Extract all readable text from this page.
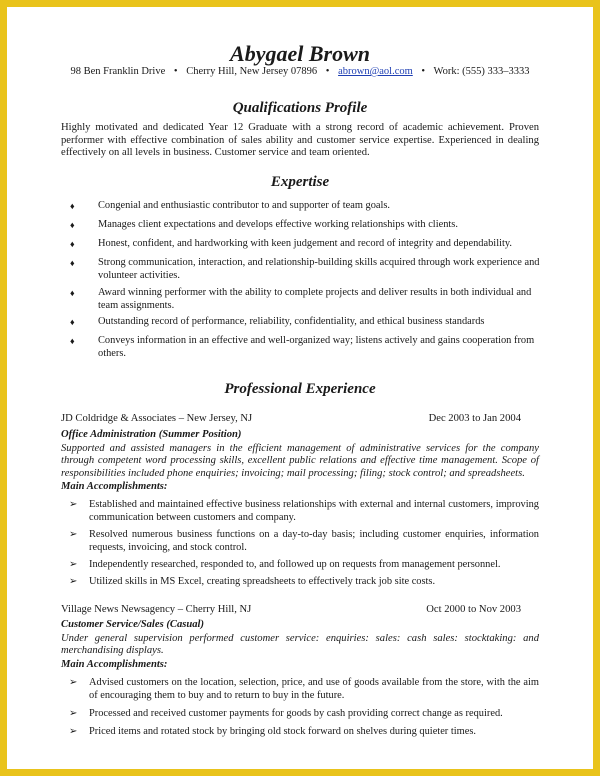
Abygael Brown
98 Ben Franklin Drive • Cherry Hill, New Jersey 07896 • abrown@aol.com • Work: (555) 333–3333
Qualifications Profile
Highly motivated and dedicated Year 12 Graduate with a strong record of academic achievement. Proven performer with effective combination of sales ability and customer service expertise. Experienced in dealing effectively on all levels in business. Customer service and team oriented.
Expertise
♦ Congenial and enthusiastic contributor to and supporter of team goals.
♦ Manages client expectations and develops effective working relationships with clients.
♦ Honest, confident, and hardworking with keen judgement and record of integrity and dependability.
♦ Strong communication, interaction, and relationship-building skills acquired through work experience and volunteer activities.
♦ Award winning performer with the ability to complete projects and deliver results in both individual and team assignments.
♦ Outstanding record of performance, reliability, confidentiality, and ethical business standards
♦ Conveys information in an effective and well-organized way; listens actively and gains cooperation from others.
Professional Experience
JD Coldridge & Associates – New Jersey, NJ	Dec 2003 to Jan 2004
Office Administration (Summer Position)
Supported and assisted managers in the efficient management of administrative services for the company through competent word processing skills, excellent public relations and effective time management. Scope of responsibilities included phone enquiries; invoicing; mail processing; filing; stock control; and spreadsheets.
Main Accomplishments:
➢ Established and maintained effective business relationships with external and internal customers, improving communication between customers and company.
➢ Resolved numerous business functions on a day-to-day basis; including customer enquiries, information requests, invoicing, and stock control.
➢ Independently researched, responded to, and followed up on requests from management personnel.
➢ Utilized skills in MS Excel, creating spreadsheets to effectively track job site costs.
Village News Newsagency – Cherry Hill, NJ	Oct 2000 to Nov 2003
Customer Service/Sales (Casual)
Under general supervision performed customer service: enquiries: sales: cash sales: stocktaking: and merchandising displays.
Main Accomplishments:
➢ Advised customers on the location, selection, price, and use of goods available from the store, with the aim of encouraging them to buy and to return to buy in the future.
➢ Processed and received customer payments for goods by cash providing correct change as required.
➢ Priced items and rotated stock by bringing old stock forward on shelves during quieter times.
